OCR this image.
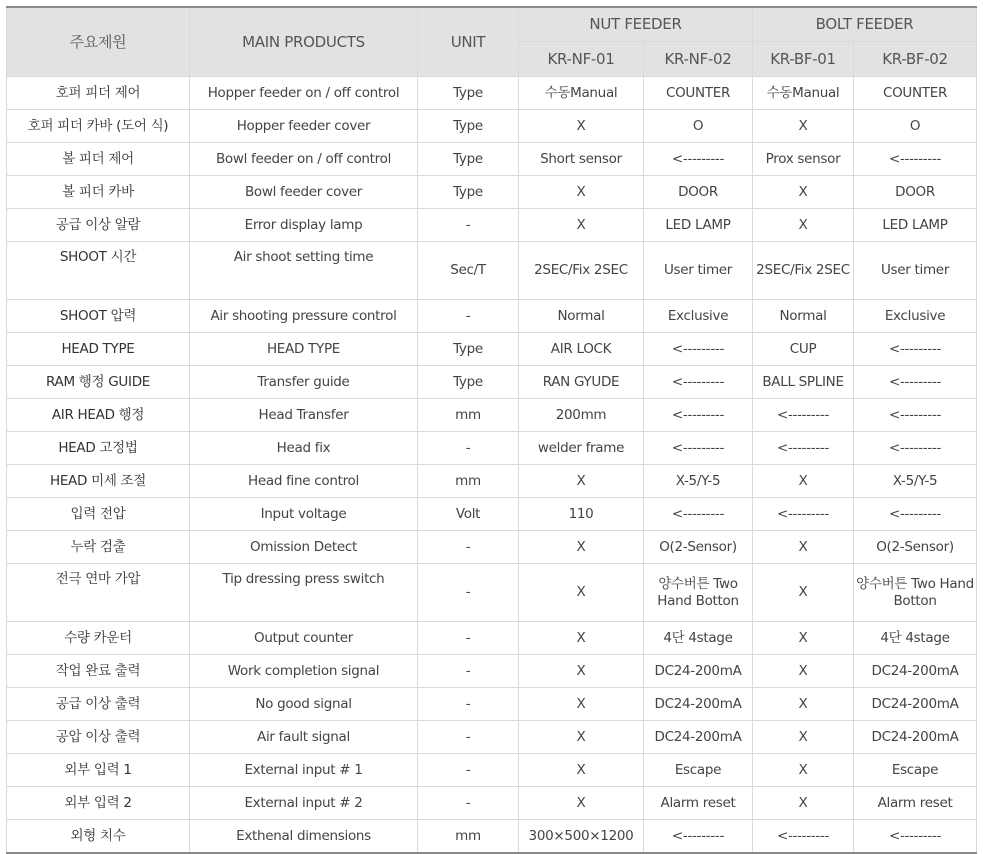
주요제원	MAIN PRODUCTS	UNIT	NUT FEEDER		BOLT FEEDER	
			KR-NF-01	KR-NF-02	KR-BF-01	KR-BF-02
호퍼 피더 제어	Hopper feeder on / off control	Type	수동Manual	COUNTER	수동Manual	COUNTER
호퍼 피더 카바 (도어 식)	Hopper feeder cover	Type	X	O	X	O
볼 피더 제어	Bowl feeder on / off control	Type	Short sensor	<---------	Prox sensor	<---------
볼 피더 카바	Bowl feeder cover	Type	X	DOOR	X	DOOR
공급 이상 알람	Error display lamp	-	X	LED LAMP	X	LED LAMP
SHOOT 시간	Air shoot setting time	Sec/T	2SEC/Fix 2SEC	User timer	2SEC/Fix 2SEC	User timer
SHOOT 압력	Air shooting pressure control	-	Normal	Exclusive	Normal	Exclusive
HEAD TYPE	HEAD TYPE	Type	AIR LOCK	<---------	CUP	<---------
RAM 행정 GUIDE	Transfer guide	Type	RAN GYUDE	<---------	BALL SPLINE	<---------
AIR HEAD 행정	Head Transfer	mm	200mm	<---------	<---------	<---------
HEAD 고정법	Head fix	-	welder frame	<---------	<---------	<---------
HEAD 미세 조절	Head fine control	mm	X	X-5/Y-5	X	X-5/Y-5
입력 전압	Input voltage	Volt	110	<---------	<---------	<---------
누락 검출	Omission Detect	-	X	O(2-Sensor)	X	O(2-Sensor)
전극 연마 가압	Tip dressing press switch	-	X	양수버튼 Two Hand Botton	X	양수버튼 Two Hand Botton
수량 카운터	Output counter	-	X	4단 4stage	X	4단 4stage
작업 완료 출력	Work completion signal	-	X	DC24-200mA	X	DC24-200mA
공급 이상 출력	No good signal	-	X	DC24-200mA	X	DC24-200mA
공압 이상 출력	Air fault signal	-	X	DC24-200mA	X	DC24-200mA
외부 입력 1	External input # 1	-	X	Escape	X	Escape
외부 입력 2	External input # 2	-	X	Alarm reset	X	Alarm reset
외형 치수	Exthenal dimensions	mm	300×500×1200	<---------	<---------	<---------
